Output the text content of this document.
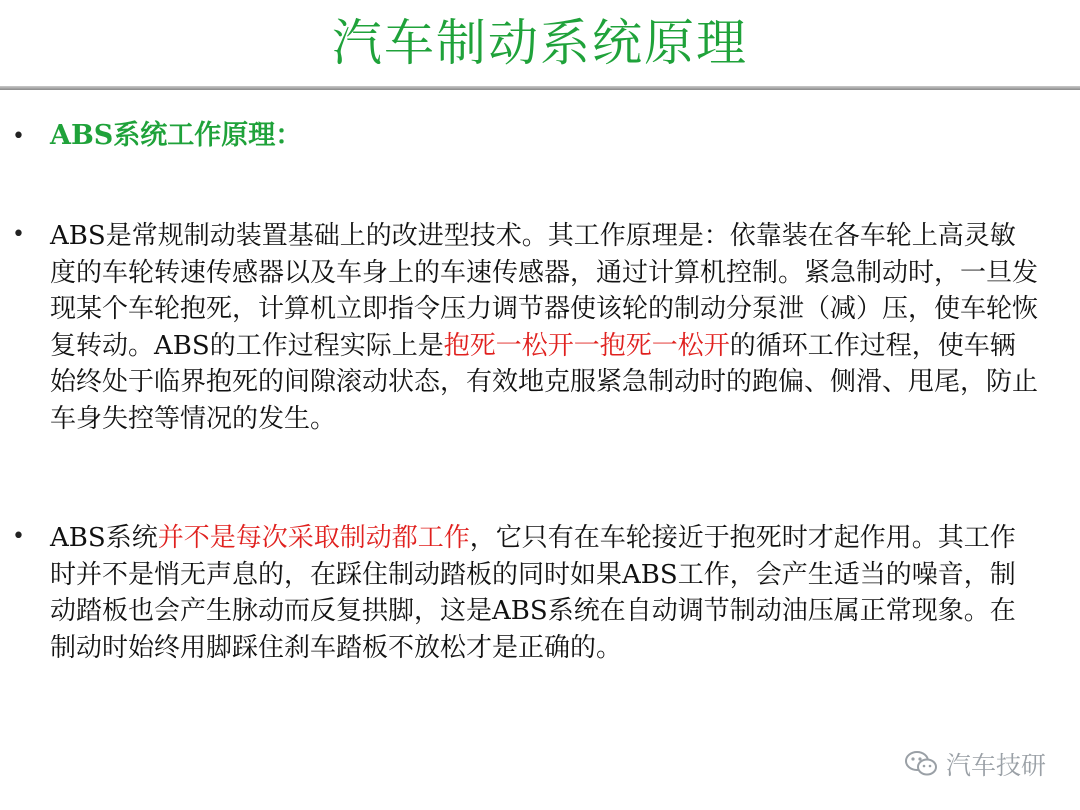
汽车制动系统原理
• ABS系统工作原理：
• ABS是常规制动装置基础上的改进型技术。其工作原理是：依靠装在各车轮上高灵敏度的车轮转速传感器以及车身上的车速传感器，通过计算机控制。紧急制动时，一旦发现某个车轮抱死，计算机立即指令压力调节器使该轮的制动分泵泄（减）压，使车轮恢复转动。ABS的工作过程实际上是抱死一松开一抱死一松开的循环工作过程，使车辆始终处于临界抱死的间隙滚动状态，有效地克服紧急制动时的跑偏、侧滑、甩尾，防止车身失控等情况的发生。
• ABS系统并不是每次采取制动都工作，它只有在车轮接近于抱死时才起作用。其工作时并不是悄无声息的，在踩住制动踏板的同时如果ABS工作，会产生适当的噪音，制动踏板也会产生脉动而反复拱脚，这是ABS系统在自动调节制动油压属正常现象。在制动时始终用脚踩住刹车踏板不放松才是正确的。
汽车技研
